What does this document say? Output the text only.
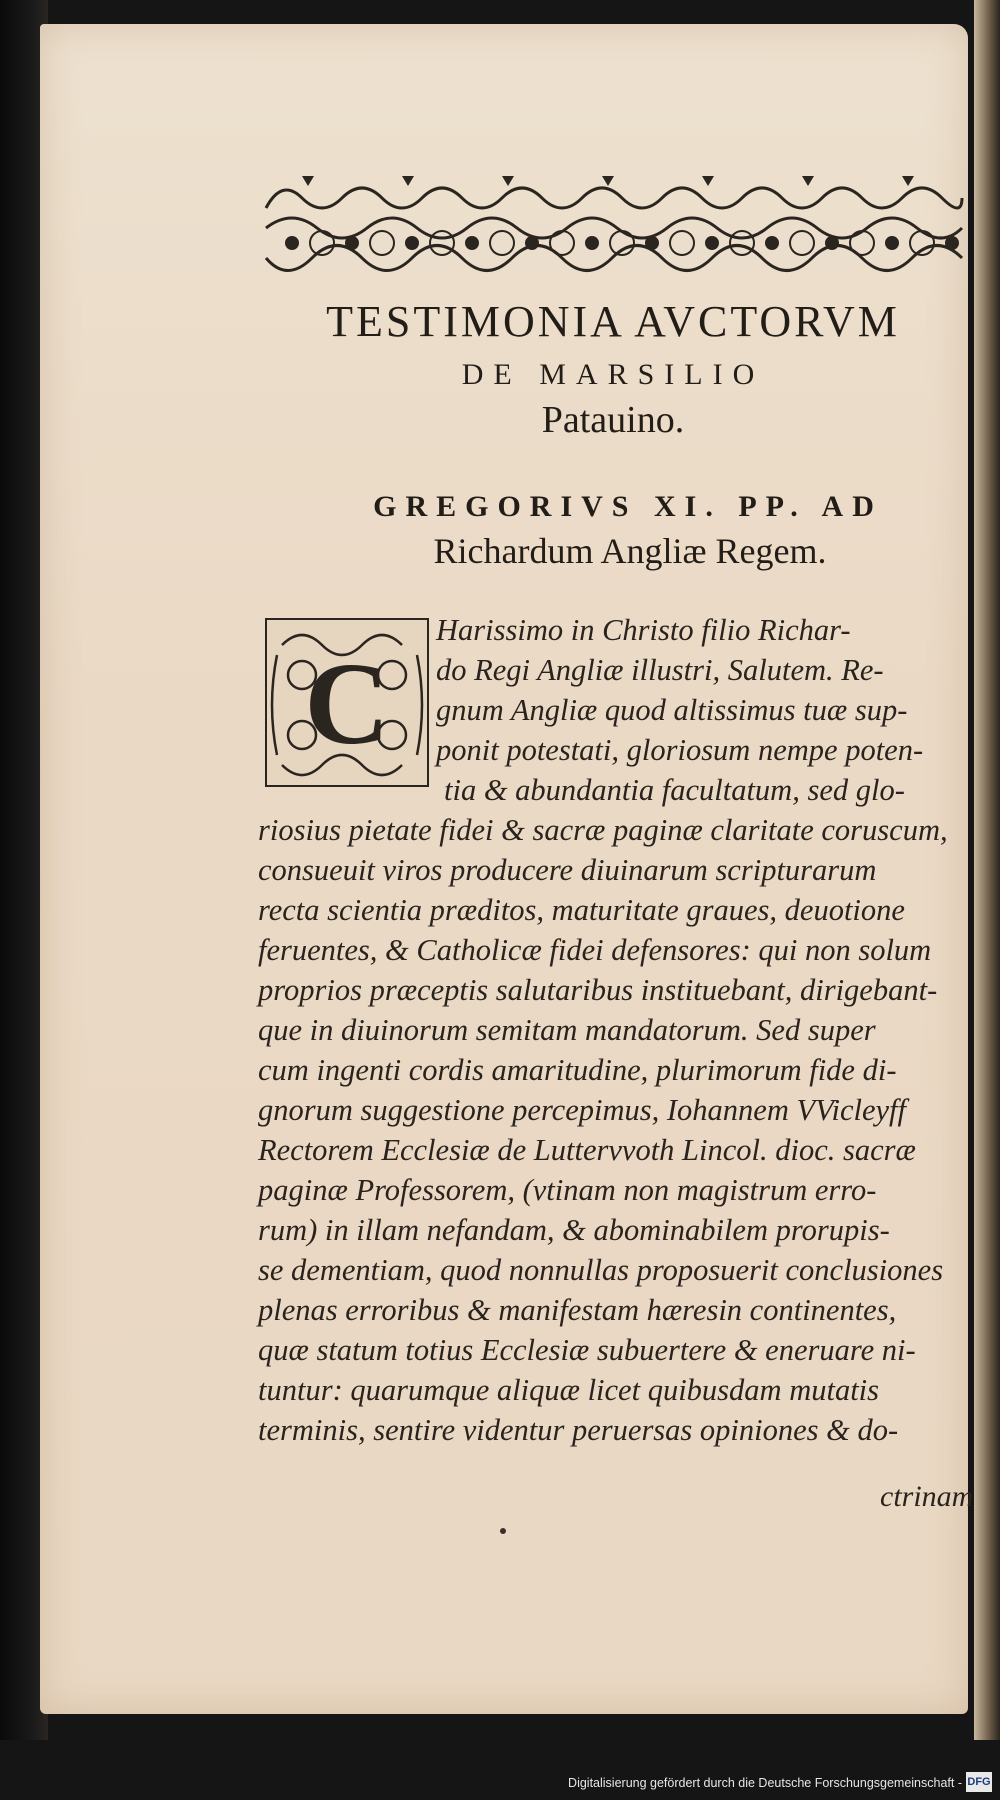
TESTIMONIA AVCTORVM
DE MARSILIO
Patauino.
GREGORIVS XI. PP. AD
Richardum Angliæ Regem.
C
Harissimo in Christo filio Richar-
do Regi Angliæ illustri, Salutem. Re-
gnum Angliæ quod altissimus tuæ sup-
ponit potestati, gloriosum nempe poten-
tia & abundantia facultatum, sed glo-
riosius pietate fidei & sacræ paginæ claritate coruscum,
consueuit viros producere diuinarum scripturarum
recta scientia præditos, maturitate graues, deuotione
feruentes, & Catholicæ fidei defensores: qui non solum
proprios præceptis salutaribus instituebant, dirigebant-
que in diuinorum semitam mandatorum. Sed super
cum ingenti cordis amaritudine, plurimorum fide di-
gnorum suggestione percepimus, Iohannem VVicleyff
Rectorem Ecclesiæ de Luttervvoth Lincol. dioc. sacræ
paginæ Professorem, (vtinam non magistrum erro-
rum) in illam nefandam, & abominabilem prorupis-
se dementiam, quod nonnullas proposuerit conclusiones
plenas erroribus & manifestam hæresin continentes,
quæ statum totius Ecclesiæ subuertere & eneruare ni-
tuntur: quarumque aliquæ licet quibusdam mutatis
terminis, sentire videntur peruersas opiniones & do-
ctrinam
Digitalisierung gefördert durch die Deutsche Forschungsgemeinschaft - DFG
